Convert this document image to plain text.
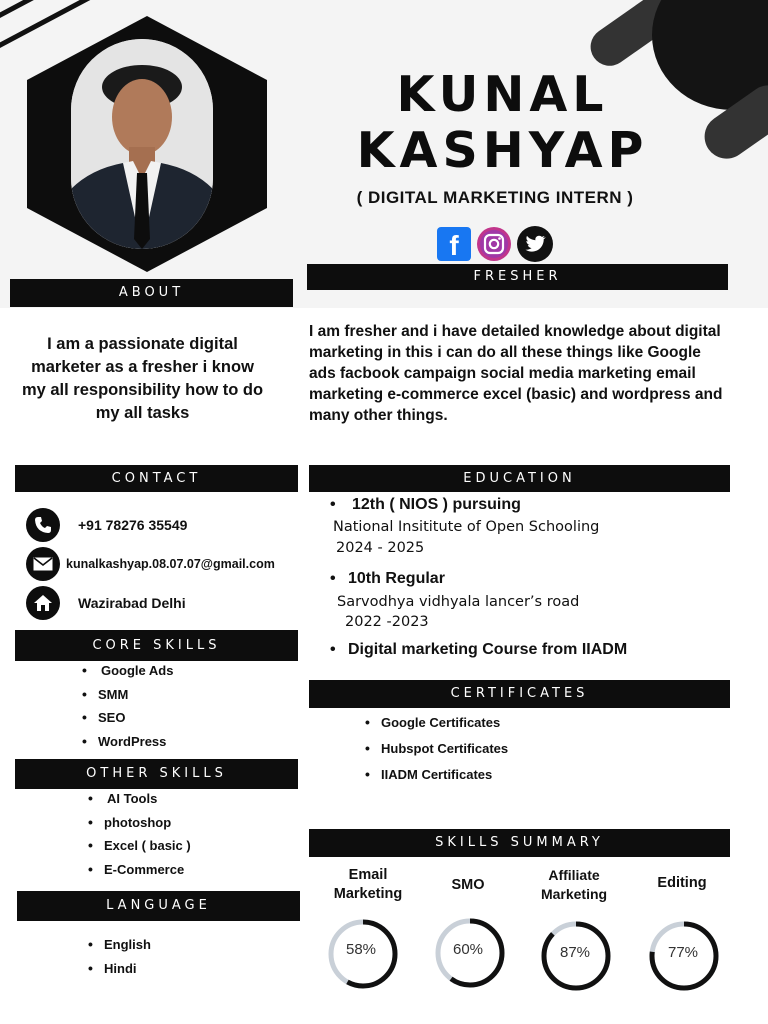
KUNAL
KASHYAP
( DIGITAL MARKETING INTERN )
f
ABOUT
FRESHER
CONTACT	EDUCATION
CORE SKILLS
CERTIFICATES
OTHER SKILLS
SKILLS SUMMARY
LANGUAGE
I am a passionate digital marketer as a fresher i know my all responsibility how to do my all tasks
I am fresher and i have detailed knowledge about digital marketing in this i can do all these things like Google ads facbook campaign social media marketing email marketing e-commerce excel (basic) and wordpress and many other things.
+91 78276 35549
kunalkashyap.08.07.07@gmail.com
Wazirabad Delhi
• 12th ( NIOS ) pursuing
National Insititute of Open Schooling
2024 - 2025
• 10th Regular
Sarvodhya vidhyala lancer’s road
2022 -2023
• Digital marketing Course from IIADM
• Google Ads
• SMM
• SEO
• WordPress
• AI Tools
• photoshop
• Excel ( basic )
• E-Commerce
• English
• Hindi
• Google Certificates
• Hubspot Certificates
• IIADM Certificates
Email Marketing
SMO
Affiliate Marketing
Editing
58%	60%	87%	77%
